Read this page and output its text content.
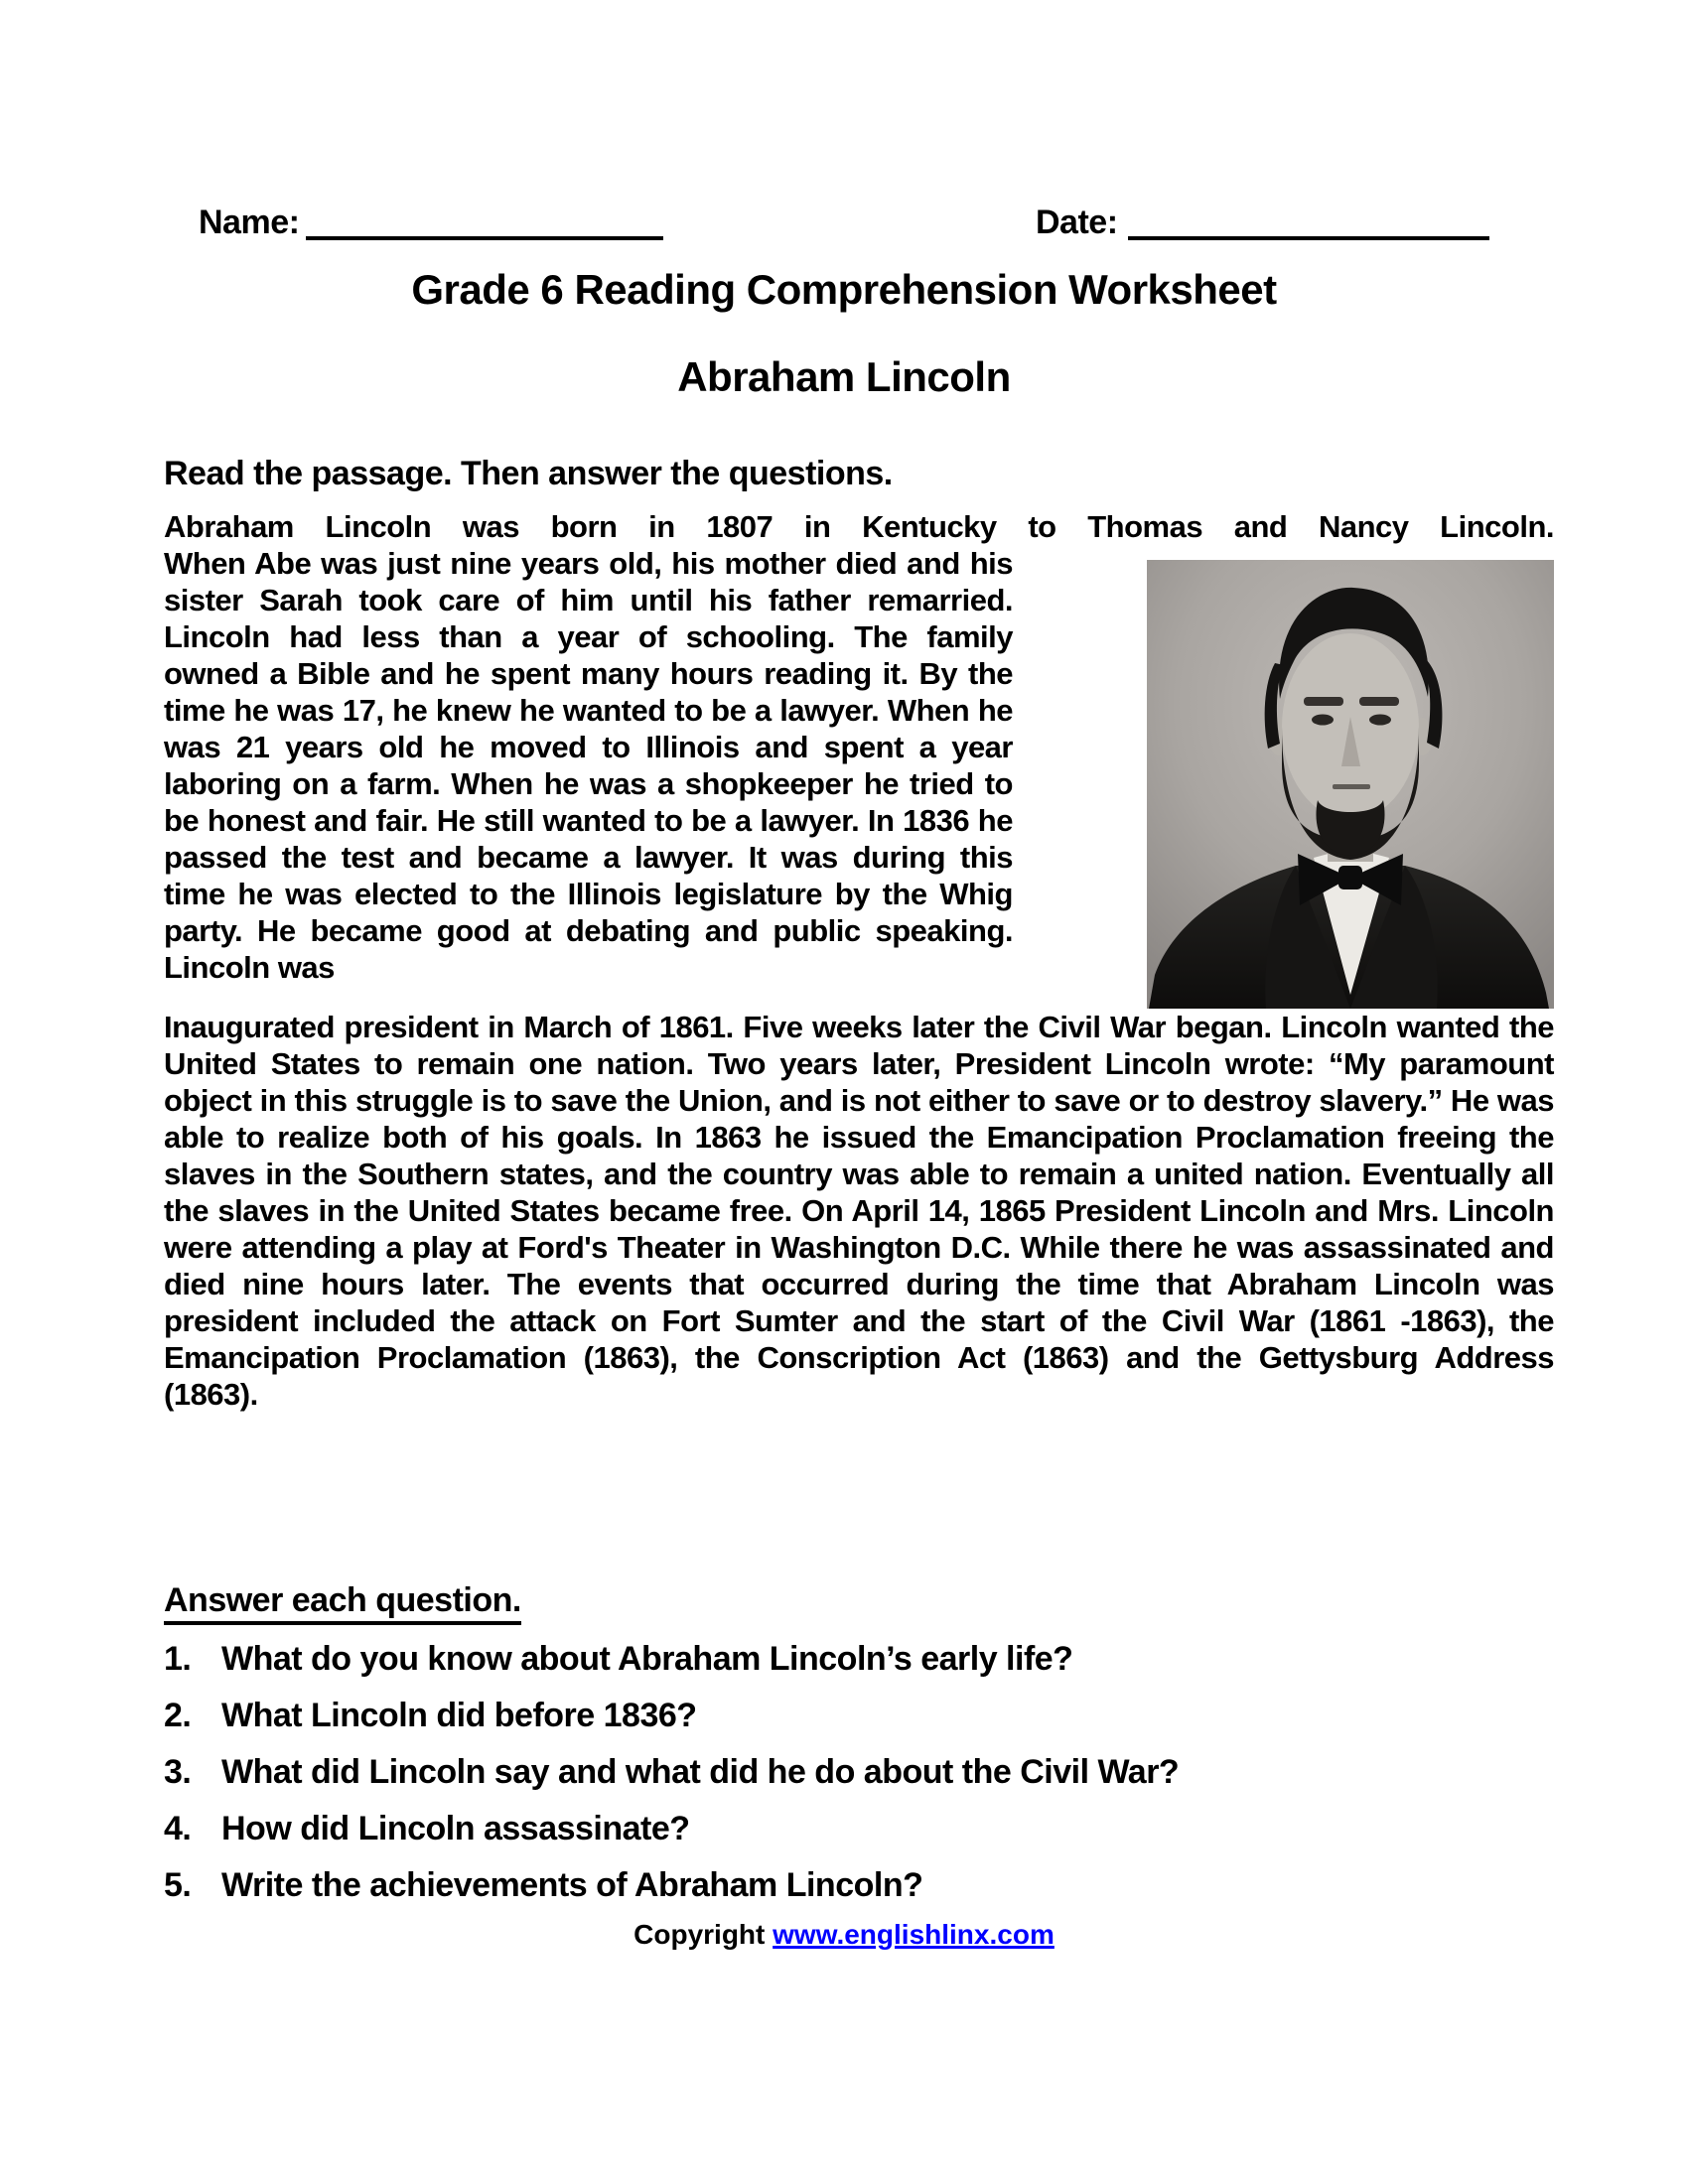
Name:	Date:
Grade 6 Reading Comprehension Worksheet
Abraham Lincoln
Read the passage. Then answer the questions.

Abraham Lincoln was born in 1807 in Kentucky to Thomas and Nancy Lincoln.

When Abe was just nine years old, his mother died and his sister Sarah took care of him until his father remarried. Lincoln had less than a year of schooling. The family owned a Bible and he spent many hours reading it. By the time he was 17, he knew he wanted to be a lawyer. When he was 21 years old he moved to Illinois and spent a year laboring on a farm. When he was a shopkeeper he tried to be honest and fair. He still wanted to be a lawyer. In 1836 he passed the test and became a lawyer. It was during this time he was elected to the Illinois legislature by the Whig party. He became good at debating and public speaking. Lincoln was

Inaugurated president in March of 1861. Five weeks later the Civil War began. Lincoln wanted the United States to remain one nation. Two years later, President Lincoln wrote: “My paramount object in this struggle is to save the Union, and is not either to save or to destroy slavery.” He was able to realize both of his goals. In 1863 he issued the Emancipation Proclamation freeing the slaves in the Southern states, and the country was able to remain a united nation. Eventually all the slaves in the United States became free. On April 14, 1865 President Lincoln and Mrs. Lincoln were attending a play at Ford's Theater in Washington D.C. While there he was assassinated and died nine hours later. The events that occurred during the time that Abraham Lincoln was president included the attack on Fort Sumter and the start of the Civil War (1861 -1863), the Emancipation Proclamation (1863), the Conscription Act (1863) and the Gettysburg Address (1863).

Answer each question.
1. What do you know about Abraham Lincoln’s early life?
2. What Lincoln did before 1836?
3. What did Lincoln say and what did he do about the Civil War?
4. How did Lincoln assassinate?
5. Write the achievements of Abraham Lincoln?
Copyright www.englishlinx.com
